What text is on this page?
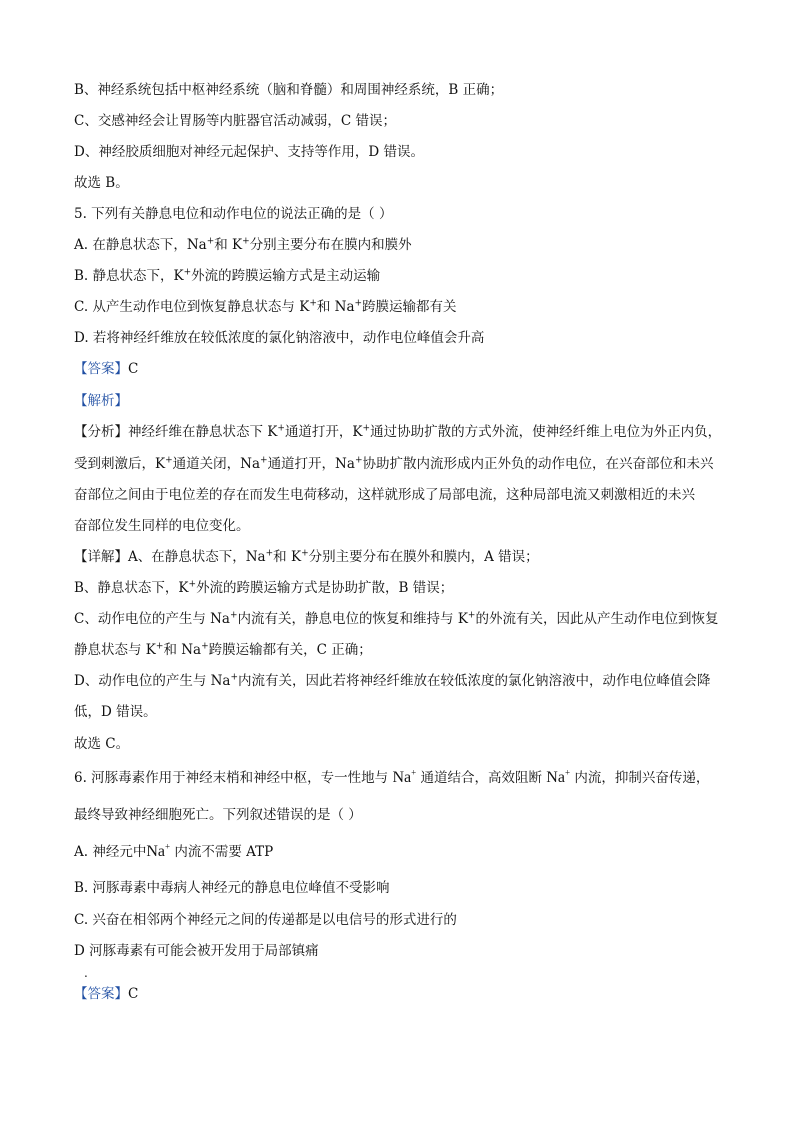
B、神经系统包括中枢神经系统（脑和脊髓）和周围神经系统，B 正确；
C、交感神经会让胃肠等内脏器官活动减弱，C 错误；
D、神经胶质细胞对神经元起保护、支持等作用，D 错误。
故选 B。
5. 下列有关静息电位和动作电位的说法正确的是（ ）
A. 在静息状态下，Na+和 K+分别主要分布在膜内和膜外
B. 静息状态下，K+外流的跨膜运输方式是主动运输
C. 从产生动作电位到恢复静息状态与 K+和 Na+跨膜运输都有关
D. 若将神经纤维放在较低浓度的氯化钠溶液中，动作电位峰值会升高
【答案】C
【解析】
【分析】神经纤维在静息状态下 K+通道打开，K+通过协助扩散的方式外流，使神经纤维上电位为外正内负，
受到刺激后，K+通道关闭，Na+通道打开，Na+协助扩散内流形成内正外负的动作电位，在兴奋部位和未兴
奋部位之间由于电位差的存在而发生电荷移动，这样就形成了局部电流，这种局部电流又刺激相近的未兴
奋部位发生同样的电位变化。
【详解】A、在静息状态下，Na+和 K+分别主要分布在膜外和膜内，A 错误；
B、静息状态下，K+外流的跨膜运输方式是协助扩散，B 错误；
C、动作电位的产生与 Na+内流有关，静息电位的恢复和维持与 K+的外流有关，因此从产生动作电位到恢复
静息状态与 K+和 Na+跨膜运输都有关，C 正确；
D、动作电位的产生与 Na+内流有关，因此若将神经纤维放在较低浓度的氯化钠溶液中，动作电位峰值会降
低，D 错误。
故选 C。
6. 河豚毒素作用于神经末梢和神经中枢，专一性地与 Na+ 通道结合，高效阻断 Na+ 内流，抑制兴奋传递，
最终导致神经细胞死亡。下列叙述错误的是（ ）
A. 神经元中Na+ 内流不需要 ATP
B. 河豚毒素中毒病人神经元的静息电位峰值不受影响
C. 兴奋在相邻两个神经元之间的传递都是以电信号的形式进行的
D 河豚毒素有可能会被开发用于局部镇痛
.
【答案】C
